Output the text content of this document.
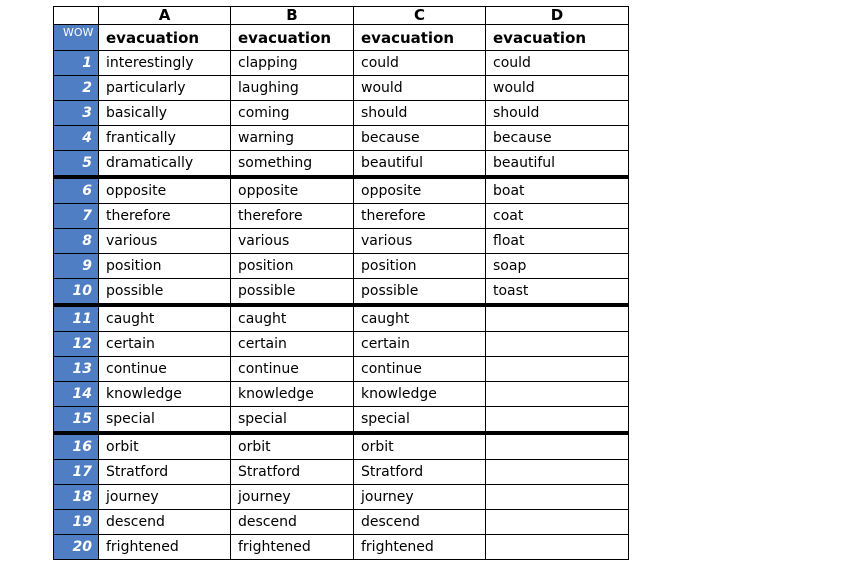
	A	B	C	D
WOW	evacuation	evacuation	evacuation	evacuation
1	interestingly	clapping	could	could
2	particularly	laughing	would	would
3	basically	coming	should	should
4	frantically	warning	because	because
5	dramatically	something	beautiful	beautiful
6	opposite	opposite	opposite	boat
7	therefore	therefore	therefore	coat
8	various	various	various	float
9	position	position	position	soap
10	possible	possible	possible	toast
11	caught	caught	caught	
12	certain	certain	certain	
13	continue	continue	continue	
14	knowledge	knowledge	knowledge	
15	special	special	special	
16	orbit	orbit	orbit	
17	Stratford	Stratford	Stratford	
18	journey	journey	journey	
19	descend	descend	descend	
20	frightened	frightened	frightened	
